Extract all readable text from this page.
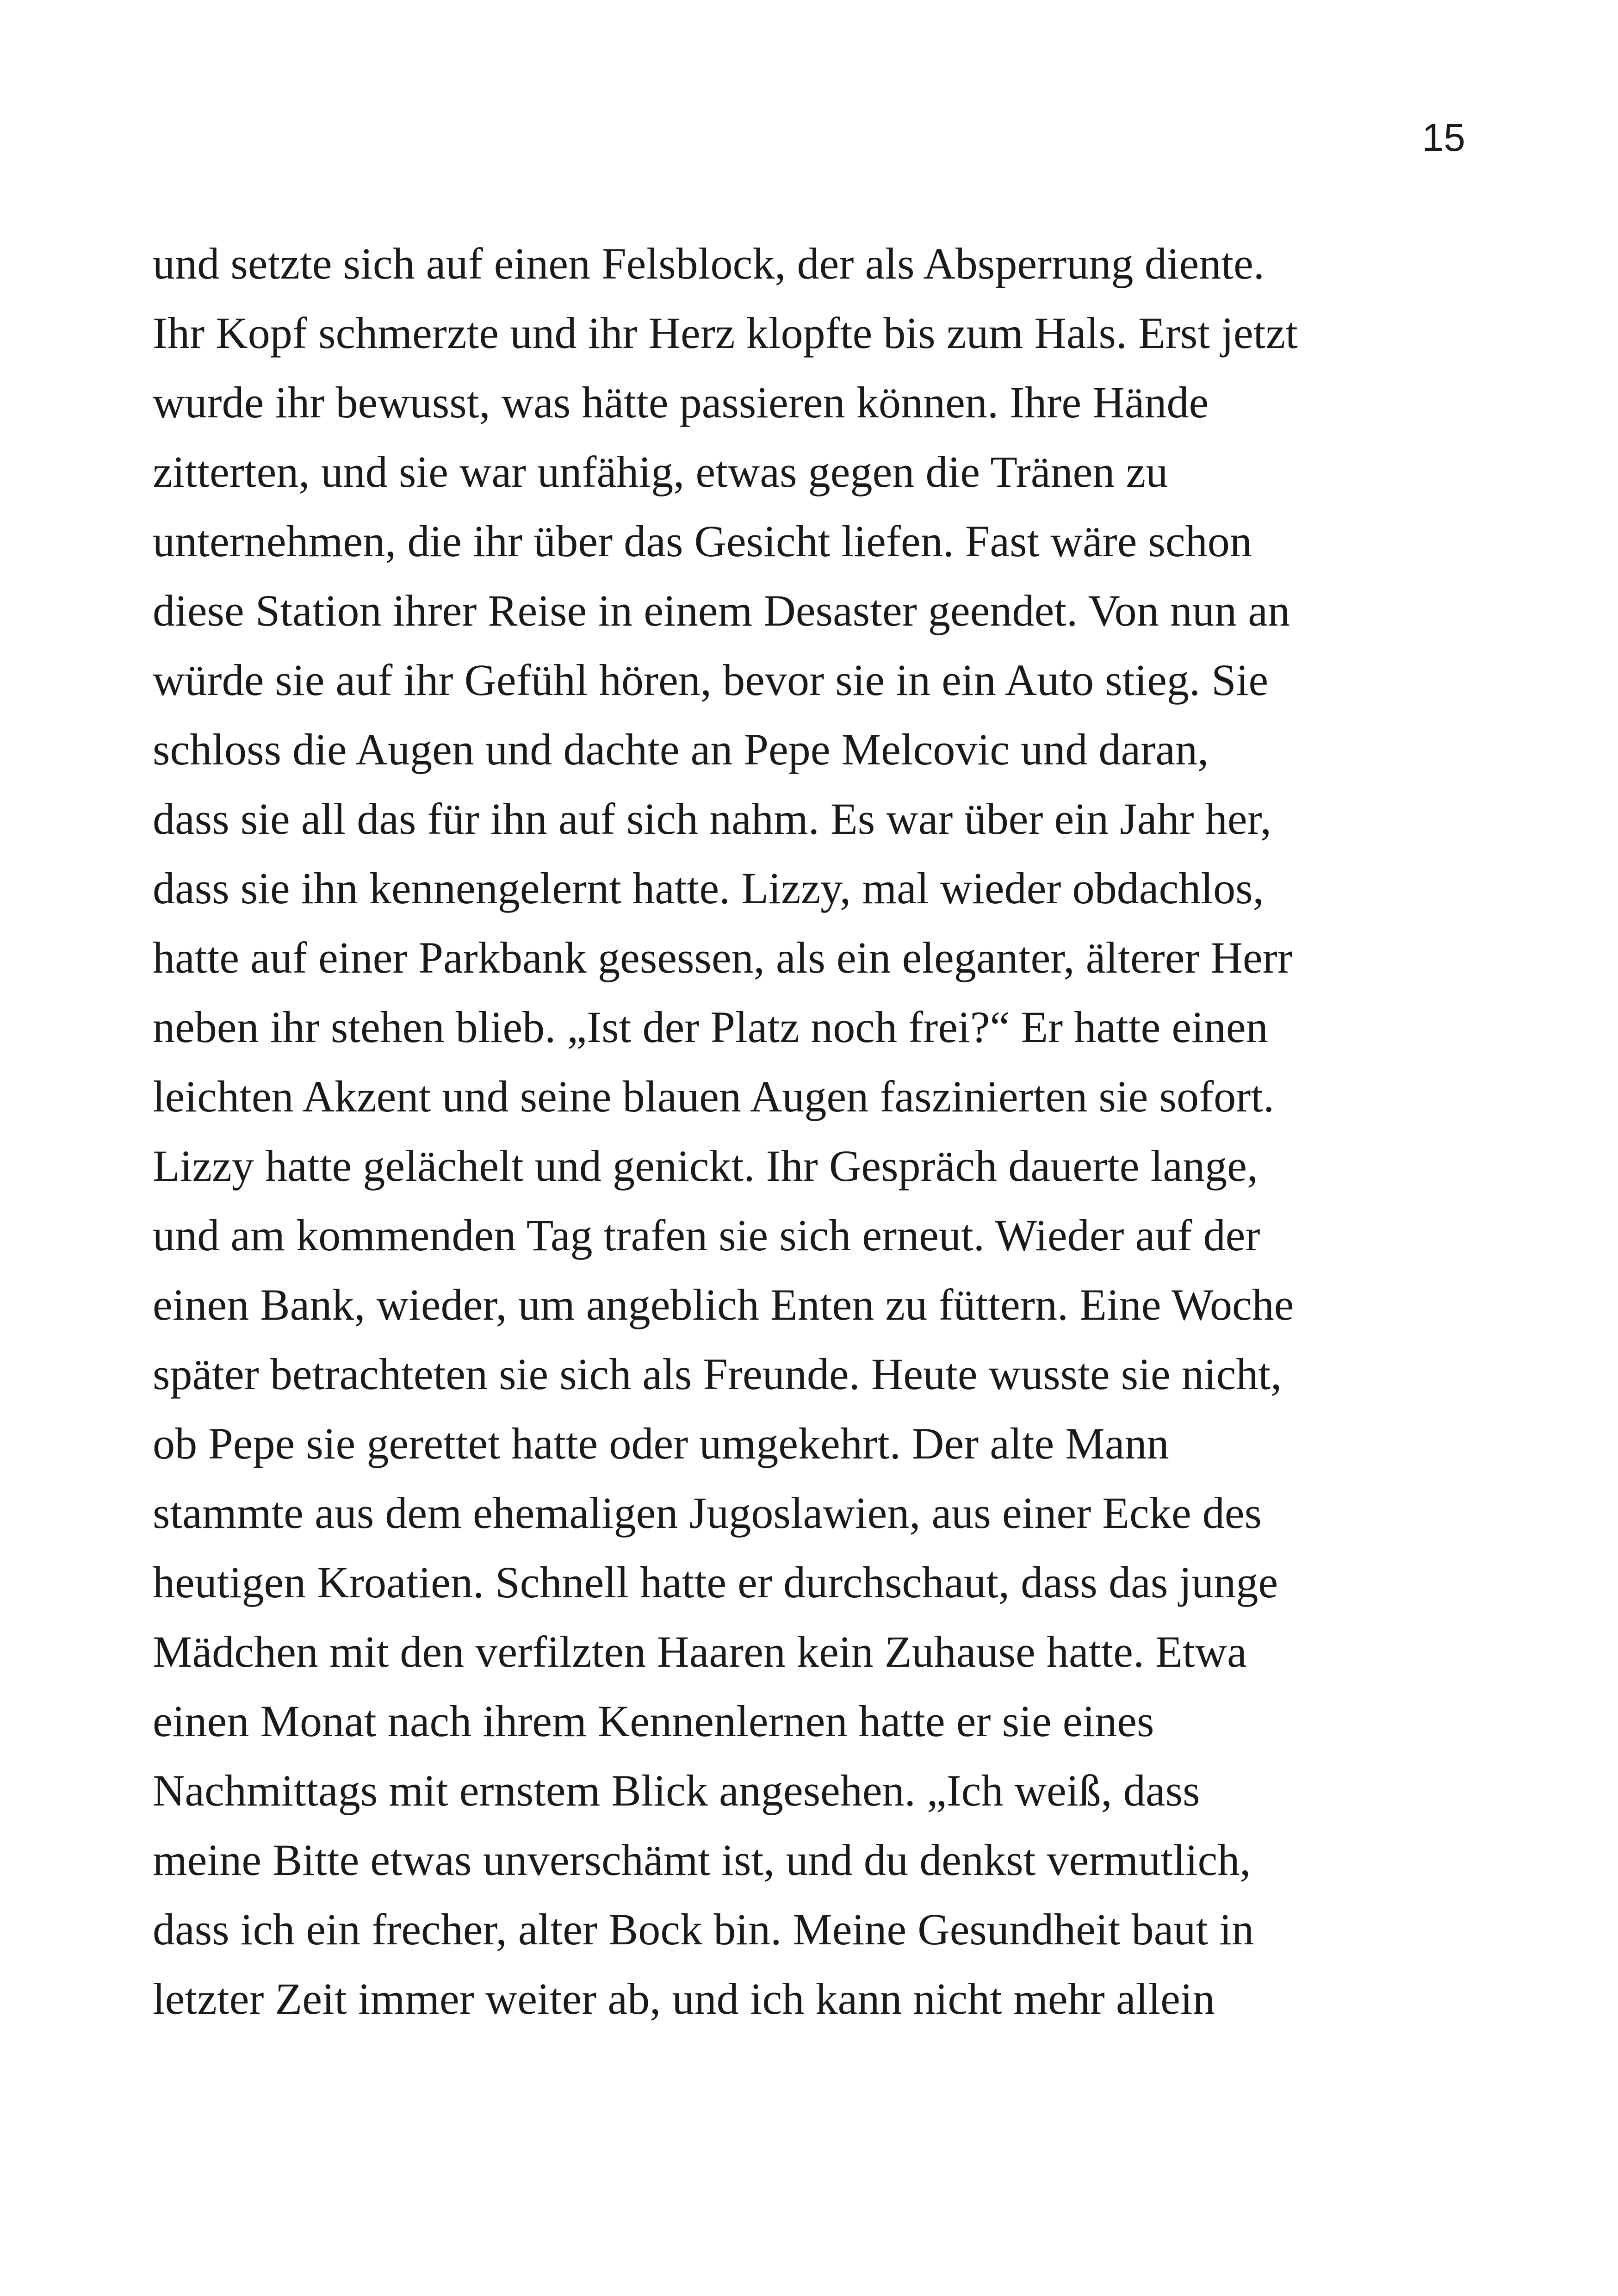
15
und setzte sich auf einen Felsblock, der als Absperrung diente.
Ihr Kopf schmerzte und ihr Herz klopfte bis zum Hals. Erst jetzt
wurde ihr bewusst, was hätte passieren können. Ihre Hände
zitterten, und sie war unfähig, etwas gegen die Tränen zu
unternehmen, die ihr über das Gesicht liefen. Fast wäre schon
diese Station ihrer Reise in einem Desaster geendet. Von nun an
würde sie auf ihr Gefühl hören, bevor sie in ein Auto stieg. Sie
schloss die Augen und dachte an Pepe Melcovic und daran,
dass sie all das für ihn auf sich nahm. Es war über ein Jahr her,
dass sie ihn kennengelernt hatte. Lizzy, mal wieder obdachlos,
hatte auf einer Parkbank gesessen, als ein eleganter, älterer Herr
neben ihr stehen blieb. „Ist der Platz noch frei?“ Er hatte einen
leichten Akzent und seine blauen Augen faszinierten sie sofort.
Lizzy hatte gelächelt und genickt. Ihr Gespräch dauerte lange,
und am kommenden Tag trafen sie sich erneut. Wieder auf der
einen Bank, wieder, um angeblich Enten zu füttern. Eine Woche
später betrachteten sie sich als Freunde. Heute wusste sie nicht,
ob Pepe sie gerettet hatte oder umgekehrt. Der alte Mann
stammte aus dem ehemaligen Jugoslawien, aus einer Ecke des
heutigen Kroatien. Schnell hatte er durchschaut, dass das junge
Mädchen mit den verfilzten Haaren kein Zuhause hatte. Etwa
einen Monat nach ihrem Kennenlernen hatte er sie eines
Nachmittags mit ernstem Blick angesehen. „Ich weiß, dass
meine Bitte etwas unverschämt ist, und du denkst vermutlich,
dass ich ein frecher, alter Bock bin. Meine Gesundheit baut in
letzter Zeit immer weiter ab, und ich kann nicht mehr allein
